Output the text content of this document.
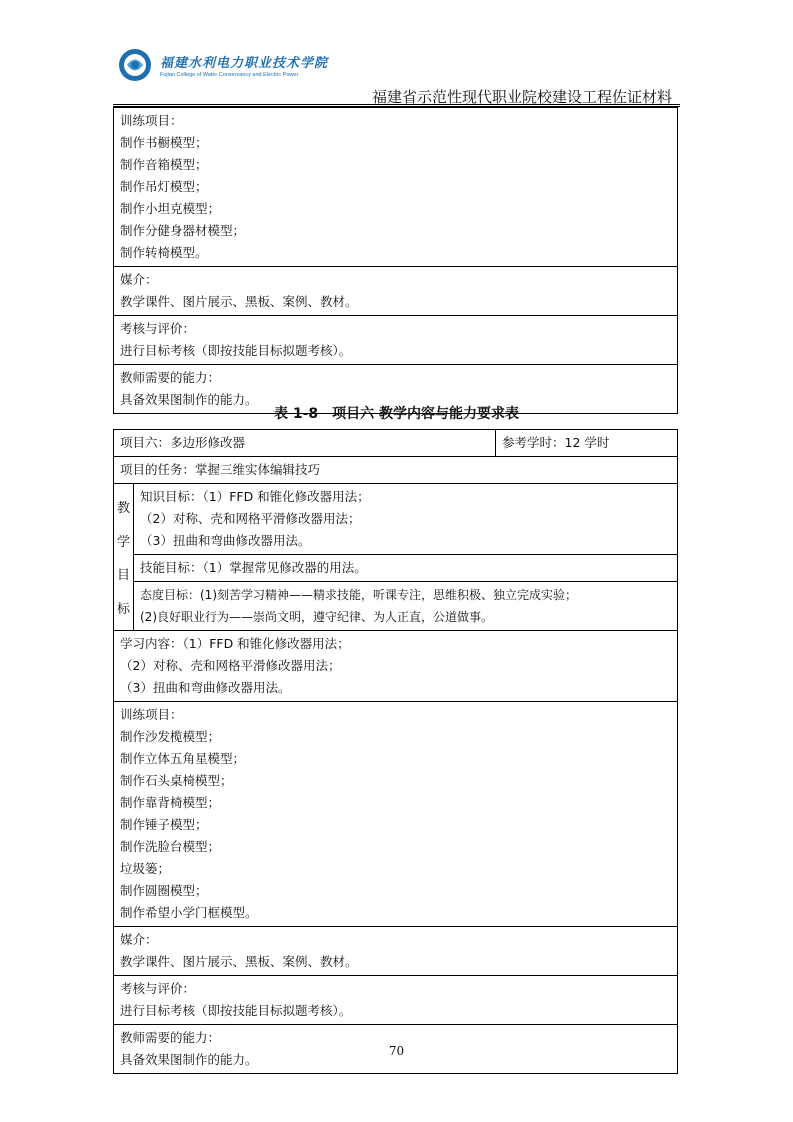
福建水利电力职业技术学院
Fujian College of Water Conservancy and Electric Power
福建省示范性现代职业院校建设工程佐证材料
训练项目：
制作书橱模型；
制作音箱模型；
制作吊灯模型；
制作小坦克模型；
制作分健身器材模型；
制作转椅模型。
媒介：
教学课件、图片展示、黑板、案例、教材。
考核与评价：
进行目标考核（即按技能目标拟题考核）。
教师需要的能力：
具备效果图制作的能力。
表 1-8　项目六 教学内容与能力要求表
项目六：多边形修改器	参考学时：12 学时
项目的任务：掌握三维实体编辑技巧
教
学
目
标
知识目标：（1）FFD 和锥化修改器用法；
（2）对称、壳和网格平滑修改器用法；
（3）扭曲和弯曲修改器用法。
技能目标：（1）掌握常见修改器的用法。
态度目标：(1)刻苦学习精神——精求技能，听课专注，思维积极、独立完成实验；
(2)良好职业行为——崇尚文明，遵守纪律、为人正直，公道做事。
学习内容：（1）FFD 和锥化修改器用法；
（2）对称、壳和网格平滑修改器用法；
（3）扭曲和弯曲修改器用法。
训练项目：
制作沙发榄模型；
制作立体五角星模型；
制作石头桌椅模型；
制作靠背椅模型；
制作锤子模型；
制作洗脸台模型；
垃圾篓；
制作圆圈模型；
制作希望小学门框模型。
媒介：
教学课件、图片展示、黑板、案例、教材。
考核与评价：
进行目标考核（即按技能目标拟题考核）。
教师需要的能力：
具备效果图制作的能力。
70
